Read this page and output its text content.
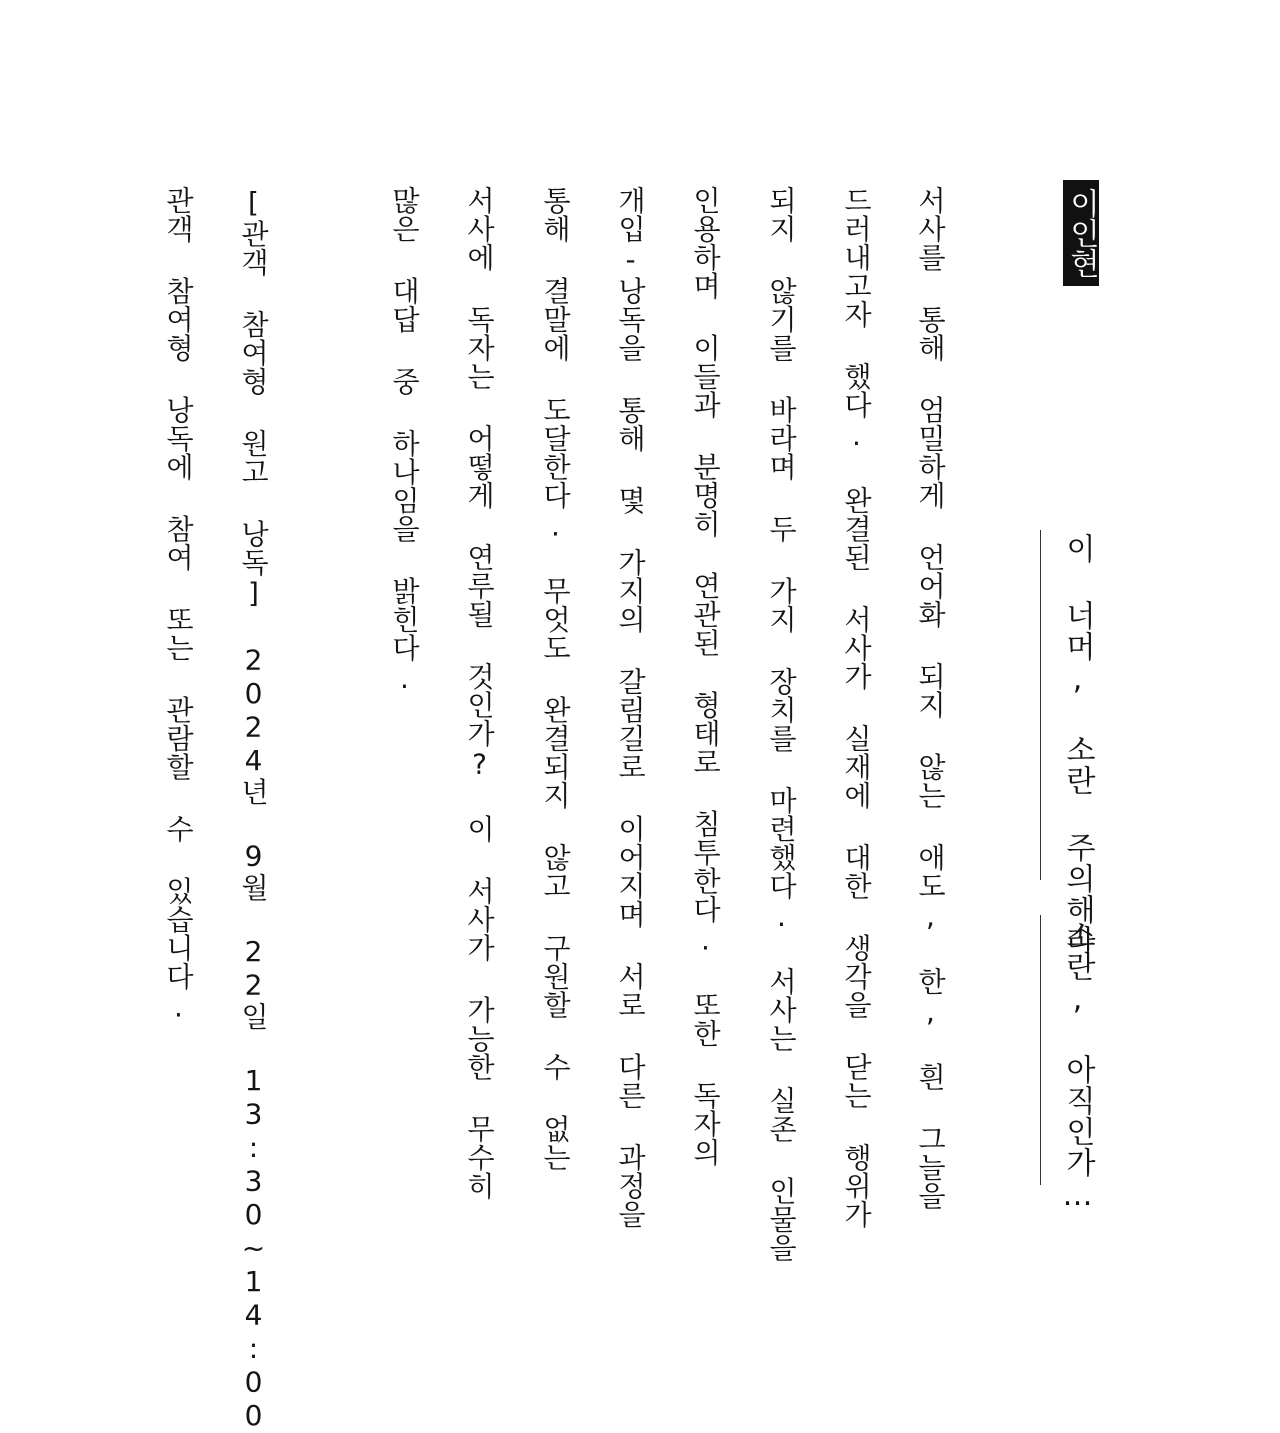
이인현
이 너머, 소란 주의해라
소란, 아직인가…
서사를 통해 엄밀하게 언어화 되지 않는 애도, 한, 흰 그늘을
드러내고자 했다. 완결된 서사가 실재에 대한 생각을 닫는 행위가
되지 않기를 바라며 두 가지 장치를 마련했다. 서사는 실존 인물을
인용하며 이들과 분명히 연관된 형태로 침투한다. 또한 독자의
개입-낭독을 통해 몇 가지의 갈림길로 이어지며 서로 다른 과정을
통해 결말에 도달한다. 무엇도 완결되지 않고 구원할 수 없는
서사에 독자는 어떻게 연루될 것인가? 이 서사가 가능한 무수히
많은 대답 중 하나임을 밝힌다.
[관객 참여형 원고 낭독] 2024년 9월 22일 13:30~14:00
관객 참여형 낭독에 참여 또는 관람할 수 있습니다.
